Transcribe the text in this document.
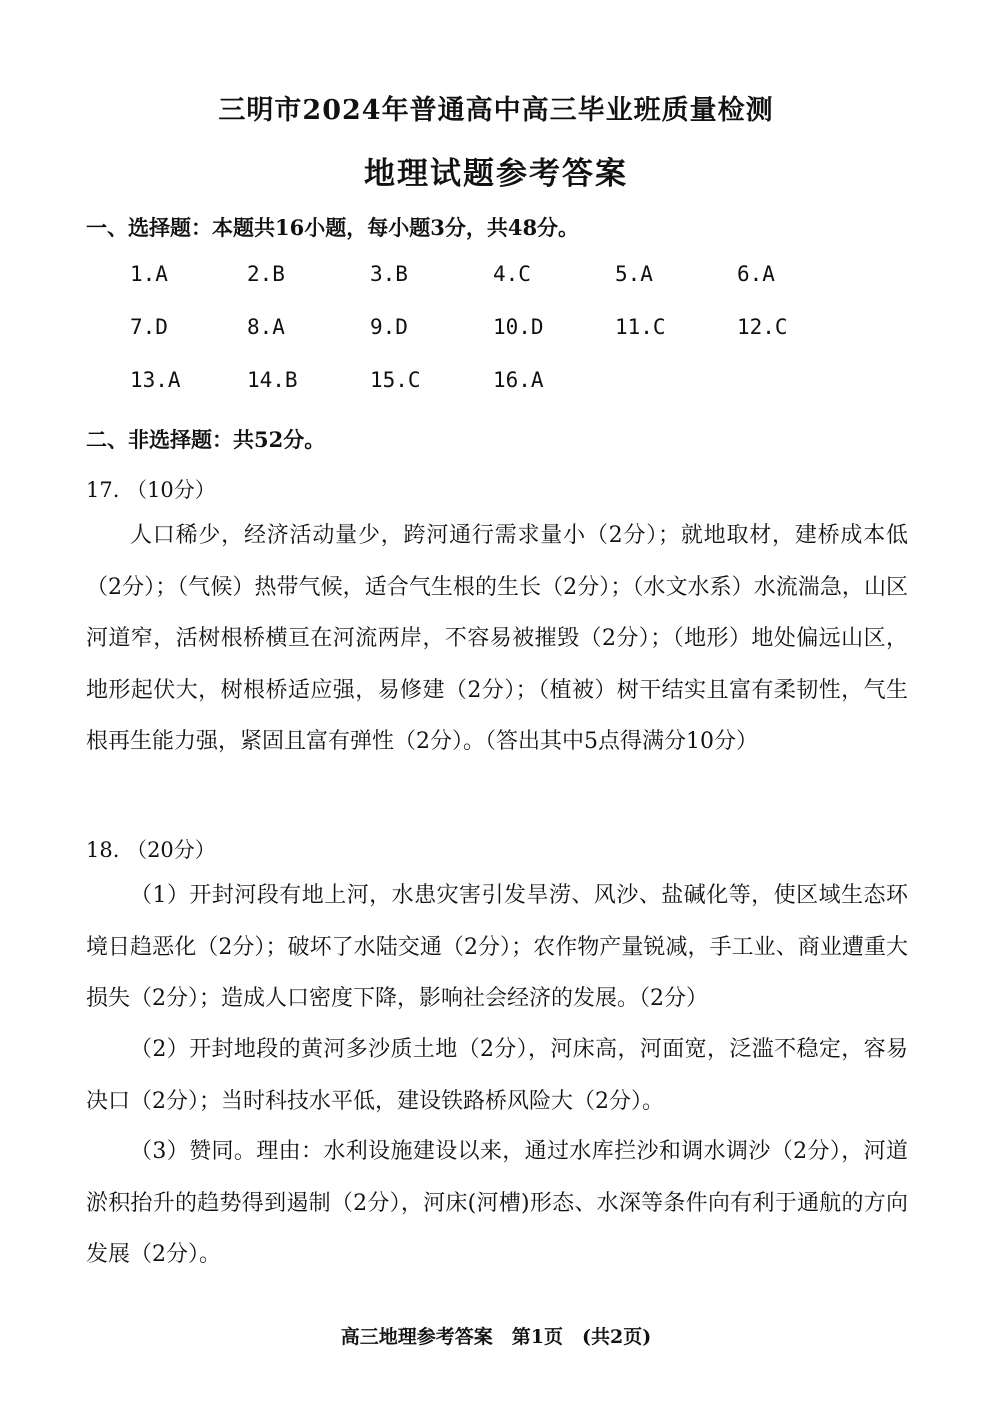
三明市2024年普通高中高三毕业班质量检测
地理试题参考答案
一、选择题：本题共16小题，每小题3分，共48分。
1.A	2.B	3.B	4.C	5.A	6.A
7.D	8.A	9.D	10.D	11.C	12.C
13.A	14.B	15.C	16.A
二、非选择题：共52分。
17. （10分）
人口稀少，经济活动量少，跨河通行需求量小（2分）；就地取材，建桥成本低（2分）；（气候）热带气候，适合气生根的生长（2分）；（水文水系）水流湍急，山区河道窄，活树根桥横亘在河流两岸，不容易被摧毁（2分）；（地形）地处偏远山区，地形起伏大，树根桥适应强，易修建（2分）；（植被）树干结实且富有柔韧性，气生根再生能力强，紧固且富有弹性（2分）。（答出其中5点得满分10分）
18. （20分）
（1）开封河段有地上河，水患灾害引发旱涝、风沙、盐碱化等，使区域生态环境日趋恶化（2分）；破坏了水陆交通（2分）；农作物产量锐减，手工业、商业遭重大损失（2分）；造成人口密度下降，影响社会经济的发展。（2分）
（2）开封地段的黄河多沙质土地（2分），河床高，河面宽，泛滥不稳定，容易决口（2分）；当时科技水平低，建设铁路桥风险大（2分）。
（3）赞同。理由：水利设施建设以来，通过水库拦沙和调水调沙（2分），河道淤积抬升的趋势得到遏制（2分），河床(河槽)形态、水深等条件向有利于通航的方向发展（2分）。
高三地理参考答案　第1页　(共2页)
